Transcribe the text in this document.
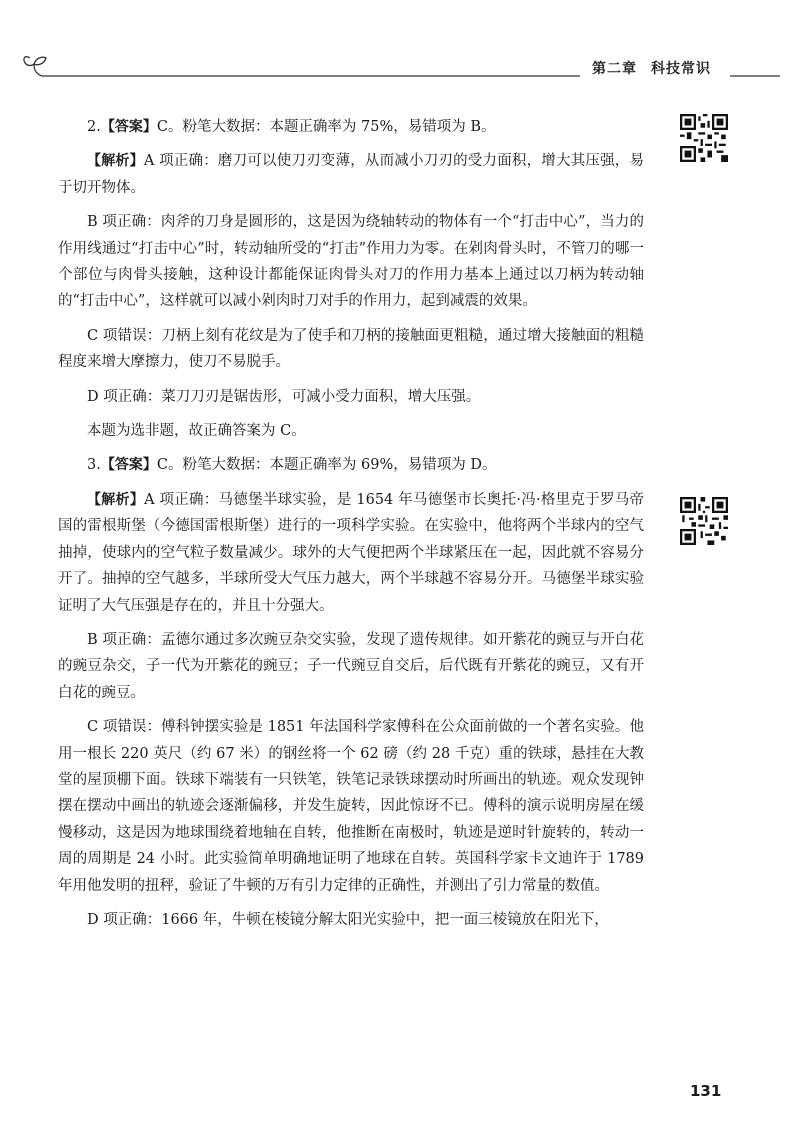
第二章 科技常识

2.【答案】C。粉笔大数据：本题正确率为 75%，易错项为 B。

【解析】A 项正确：磨刀可以使刀刃变薄，从而减小刀刃的受力面积，增大其压强，易于切开物体。

B 项正确：肉斧的刀身是圆形的，这是因为绕轴转动的物体有一个“打击中心”，当力的作用线通过“打击中心”时，转动轴所受的“打击”作用力为零。在剁肉骨头时，不管刀的哪一个部位与肉骨头接触，这种设计都能保证肉骨头对刀的作用力基本上通过以刀柄为转动轴的“打击中心”，这样就可以减小剁肉时刀对手的作用力，起到减震的效果。

C 项错误：刀柄上刻有花纹是为了使手和刀柄的接触面更粗糙，通过增大接触面的粗糙程度来增大摩擦力，使刀不易脱手。

D 项正确：菜刀刀刃是锯齿形，可减小受力面积，增大压强。

本题为选非题，故正确答案为 C。

3.【答案】C。粉笔大数据：本题正确率为 69%，易错项为 D。

【解析】A 项正确：马德堡半球实验，是 1654 年马德堡市长奥托·冯·格里克于罗马帝国的雷根斯堡（今德国雷根斯堡）进行的一项科学实验。在实验中，他将两个半球内的空气抽掉，使球内的空气粒子数量减少。球外的大气便把两个半球紧压在一起，因此就不容易分开了。抽掉的空气越多，半球所受大气压力越大，两个半球越不容易分开。马德堡半球实验证明了大气压强是存在的，并且十分强大。

B 项正确：孟德尔通过多次豌豆杂交实验，发现了遗传规律。如开紫花的豌豆与开白花的豌豆杂交，子一代为开紫花的豌豆；子一代豌豆自交后，后代既有开紫花的豌豆，又有开白花的豌豆。

C 项错误：傅科钟摆实验是 1851 年法国科学家傅科在公众面前做的一个著名实验。他用一根长 220 英尺（约 67 米）的钢丝将一个 62 磅（约 28 千克）重的铁球，悬挂在大教堂的屋顶棚下面。铁球下端装有一只铁笔，铁笔记录铁球摆动时所画出的轨迹。观众发现钟摆在摆动中画出的轨迹会逐渐偏移，并发生旋转，因此惊讶不已。傅科的演示说明房屋在缓慢移动，这是因为地球围绕着地轴在自转，他推断在南极时，轨迹是逆时针旋转的，转动一周的周期是 24 小时。此实验简单明确地证明了地球在自转。英国科学家卡文迪许于 1789 年用他发明的扭秤，验证了牛顿的万有引力定律的正确性，并测出了引力常量的数值。

D 项正确：1666 年，牛顿在棱镜分解太阳光实验中，把一面三棱镜放在阳光下，

131
